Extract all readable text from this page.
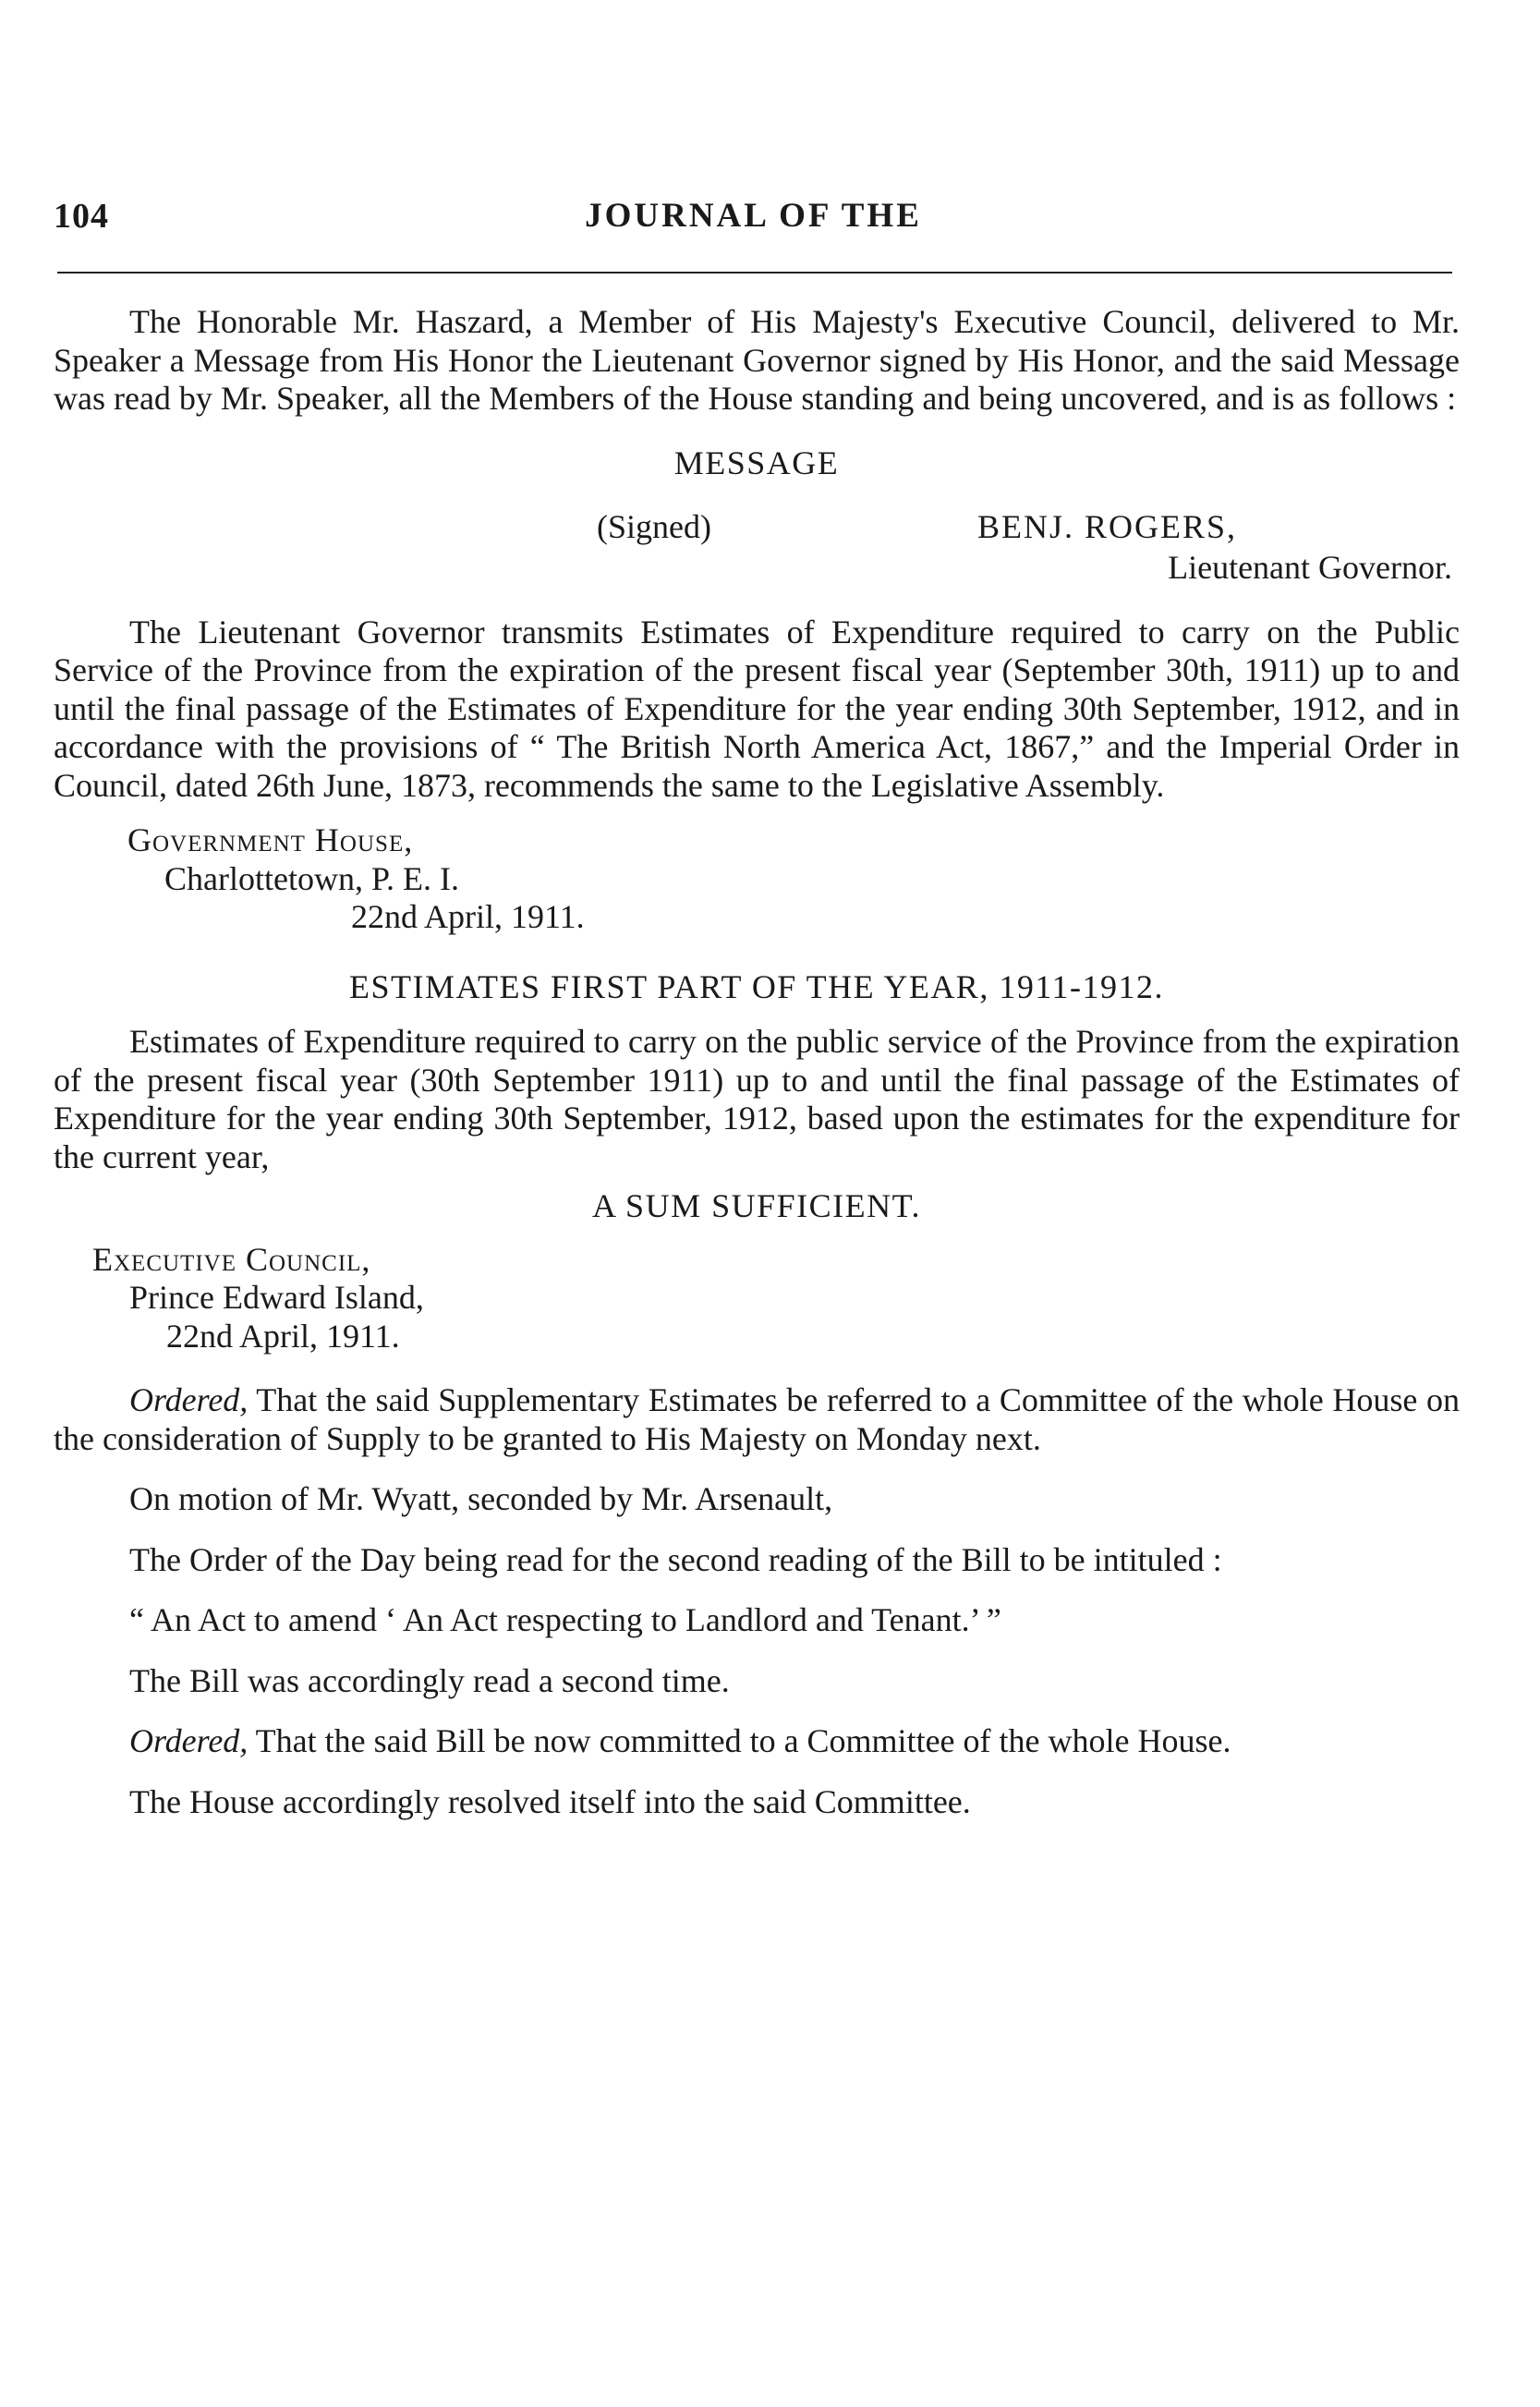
104	JOURNAL OF THE

The Honorable Mr. Haszard, a Member of His Majesty's Executive Council, delivered to Mr. Speaker a Message from His Honor the Lieutenant Governor signed by His Honor, and the said Message was read by Mr. Speaker, all the Members of the House standing and being uncovered, and is as follows :

MESSAGE

(Signed)	BENJ. ROGERS,

Lieutenant Governor.

The Lieutenant Governor transmits Estimates of Expenditure required to carry on the Public Service of the Province from the expiration of the present fiscal year (September 30th, 1911) up to and until the final passage of the Estimates of Expenditure for the year ending 30th September, 1912, and in accordance with the provisions of “ The British North America Act, 1867,” and the Imperial Order in Council, dated 26th June, 1873, recommends the same to the Legislative Assembly.

Government House,

Charlottetown, P. E. I.

22nd April, 1911.

ESTIMATES FIRST PART OF THE YEAR, 1911-1912.

Estimates of Expenditure required to carry on the public service of the Province from the expiration of the present fiscal year (30th September 1911) up to and until the final passage of the Estimates of Expenditure for the year ending 30th September, 1912, based upon the estimates for the expenditure for the current year,

A SUM SUFFICIENT.

Executive Council,

Prince Edward Island,

22nd April, 1911.

Ordered, That the said Supplementary Estimates be referred to a Committee of the whole House on the consideration of Supply to be granted to His Majesty on Monday next.

On motion of Mr. Wyatt, seconded by Mr. Arsenault,

The Order of the Day being read for the second reading of the Bill to be intituled :

“ An Act to amend ‘ An Act respecting to Landlord and Tenant.’ ”

The Bill was accordingly read a second time.

Ordered, That the said Bill be now committed to a Committee of the whole House.

The House accordingly resolved itself into the said Committee.
